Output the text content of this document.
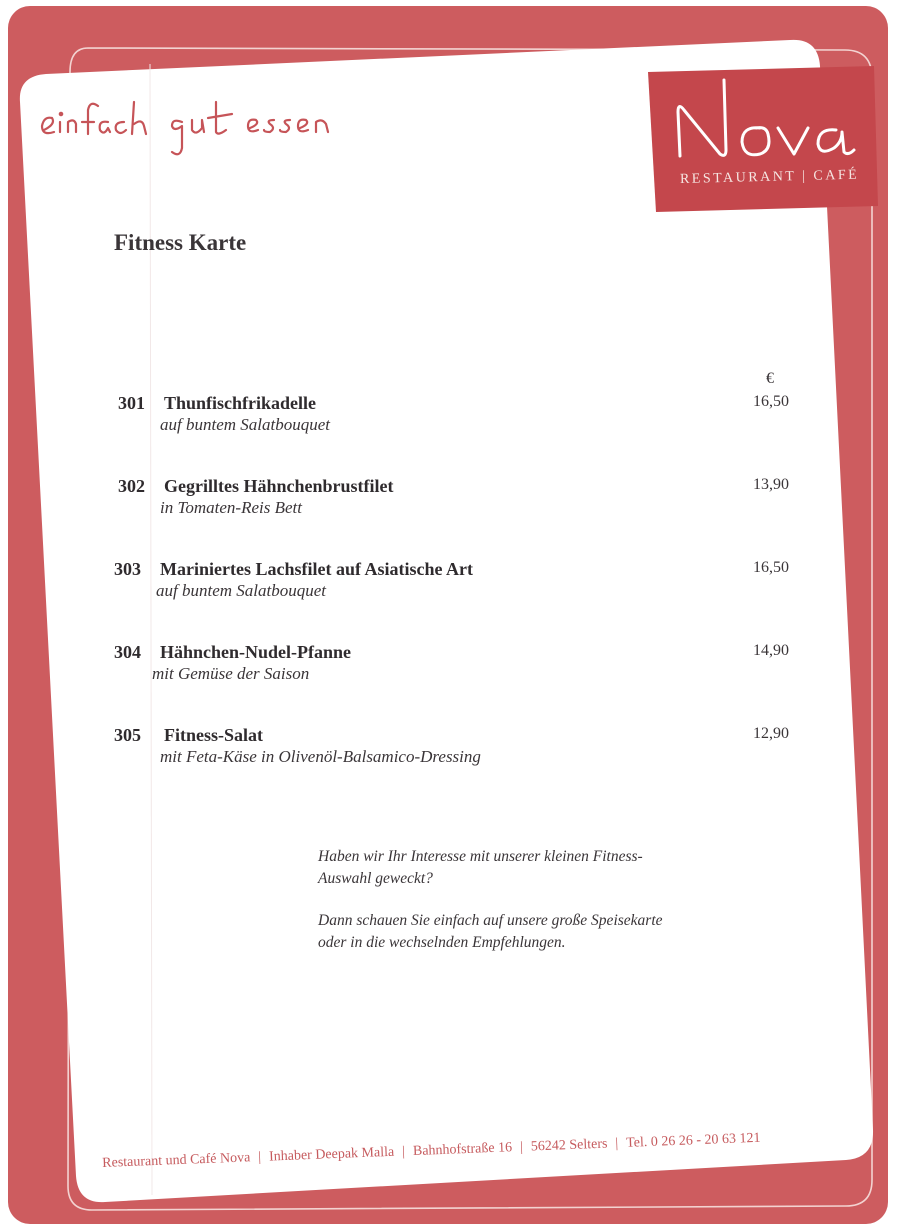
RESTAURANT | CAFÉ
Fitness Karte
€
301 Thunfischfrikadelle
auf buntem Salatbouquet
16,50
302 Gegrilltes Hähnchenbrustfilet
in Tomaten-Reis Bett
13,90
303 Mariniertes Lachsfilet auf Asiatische Art
auf buntem Salatbouquet
16,50
304 Hähnchen-Nudel-Pfanne
mit Gemüse der Saison
14,90
305 Fitness-Salat
mit Feta-Käse in Olivenöl-Balsamico-Dressing
12,90

Haben wir Ihr Interesse mit unserer kleinen Fitness-
Auswahl geweckt?

Dann schauen Sie einfach auf unsere große Speisekarte
oder in die wechselnden Empfehlungen.

Restaurant und Café Nova | Inhaber Deepak Malla | Bahnhofstraße 16 | 56242 Selters | Tel. 0 26 26 - 20 63 121
